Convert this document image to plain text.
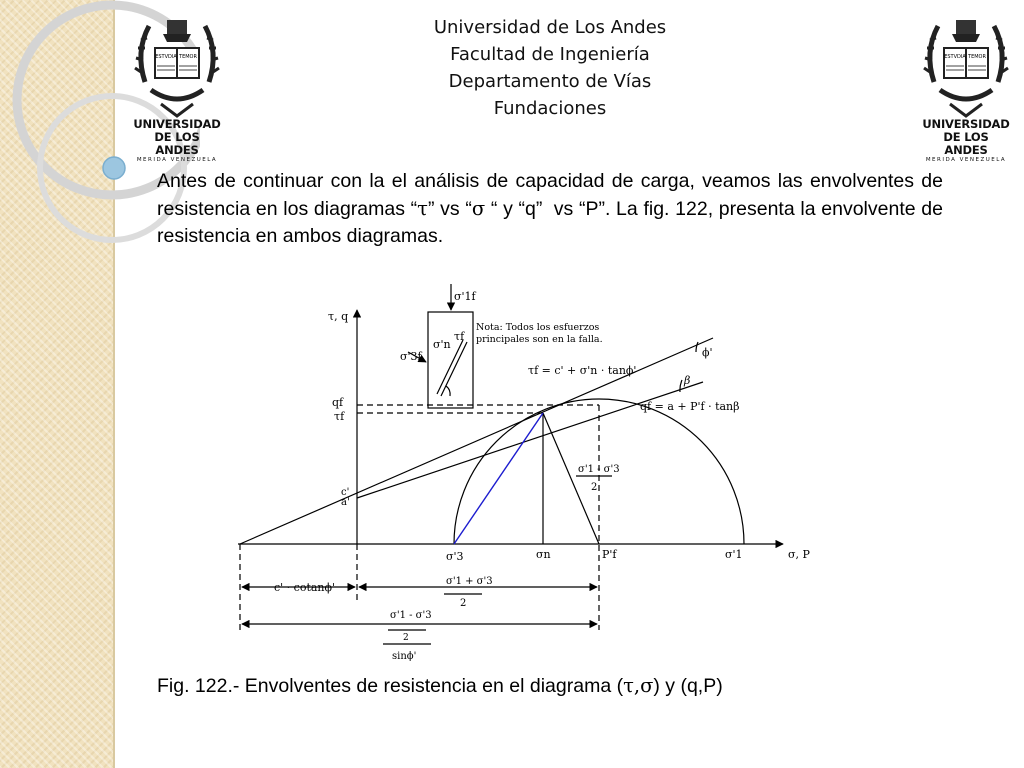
ESTVDIA TEMOR
UNIVERSIDAD
DE LOS ANDES
MERIDA VENEZUELA
ESTVDIA TEMOR
UNIVERSIDAD
DE LOS ANDES
MERIDA VENEZUELA
Universidad de Los Andes
Facultad de Ingeniería
Departamento de Vías
Fundaciones

Antes de continuar con la el análisis de capacidad de carga, veamos las envolventes de resistencia en los diagramas “τ” vs “σ “ y “q”  vs “P”. La fig. 122, presenta la envolvente de resistencia en ambos diagramas.

τ, q
σ, P
σ'1f
σ'3f
σ'n
τf
Nota: Todos los esfuerzos
principales son en la falla.
τf = c' + σ'n · tanϕ'
qf = a + P'f · tanβ
ϕ'
β
qf
τf
c'
a'
σ'3	σn	P'f	σ'1
σ'1 - σ'3
2
c' · cotanϕ'	σ'1 + σ'3
2
σ'1 - σ'3
2
sinϕ'
Fig. 122.- Envolventes de resistencia en el diagrama (τ,σ) y (q,P)
